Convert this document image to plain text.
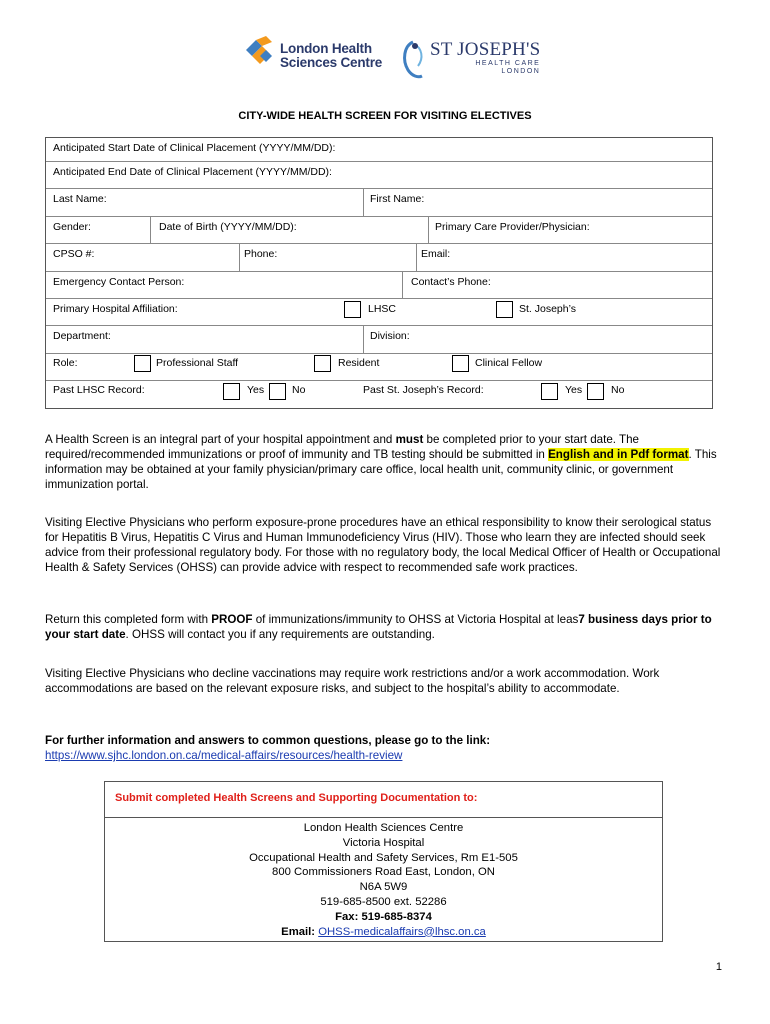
London Health
Sciences Centre
ST JOSEPH'S
HEALTH CARE
LONDON
CITY-WIDE HEALTH SCREEN FOR VISITING ELECTIVES
Anticipated Start Date of Clinical Placement (YYYY/MM/DD):
Anticipated End Date of Clinical Placement (YYYY/MM/DD):
Last Name:	First Name:
Gender:	Date of Birth (YYYY/MM/DD):	Primary Care Provider/Physician:
CPSO #:	Phone:	Email:
Emergency Contact Person:	Contact’s Phone:
Primary Hospital Affiliation:	LHSC	St. Joseph’s
Department:	Division:
Role:	Professional Staff	Resident	Clinical Fellow
Past LHSC Record:	Yes	No	Past St. Joseph’s Record:	Yes	No
A Health Screen is an integral part of your hospital appointment and must be completed prior to your start date. The required/recommended immunizations or proof of immunity and TB testing should be submitted in English and in Pdf format. This information may be obtained at your family physician/primary care office, local health unit, community clinic, or government immunization portal.
Visiting Elective Physicians who perform exposure-prone procedures have an ethical responsibility to know their serological status for Hepatitis B Virus, Hepatitis C Virus and Human Immunodeficiency Virus (HIV). Those who learn they are infected should seek advice from their professional regulatory body. For those with no regulatory body, the local Medical Officer of Health or Occupational Health & Safety Services (OHSS) can provide advice with respect to recommended safe work practices.
Return this completed form with PROOF of immunizations/immunity to OHSS at Victoria Hospital at leas7 business days prior to your start date. OHSS will contact you if any requirements are outstanding.
Visiting Elective Physicians who decline vaccinations may require work restrictions and/or a work accommodation. Work accommodations are based on the relevant exposure risks, and subject to the hospital’s ability to accommodate.
For further information and answers to common questions, please go to the link:
https://www.sjhc.london.on.ca/medical-affairs/resources/health-review
Submit completed Health Screens and Supporting Documentation to:
London Health Sciences Centre
Victoria Hospital
Occupational Health and Safety Services, Rm E1-505
800 Commissioners Road East, London, ON
N6A 5W9
519-685-8500 ext. 52286
Fax: 519-685-8374
Email: OHSS-medicalaffairs@lhsc.on.ca
1
